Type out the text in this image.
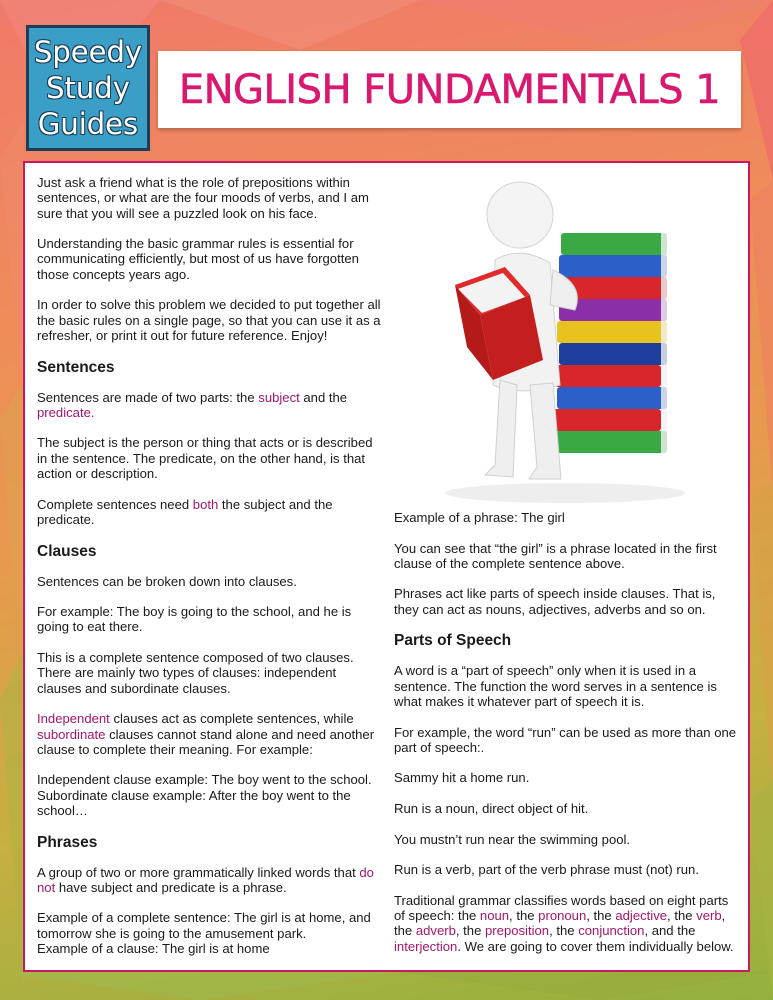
Speedy
Study
Guides
ENGLISH FUNDAMENTALS 1

Just ask a friend what is the role of prepositions within sentences, or what are the four moods of verbs, and I am sure that you will see a puzzled look on his face.

Understanding the basic grammar rules is essential for communicating efficiently, but most of us have forgotten those concepts years ago.

In order to solve this problem we decided to put together all the basic rules on a single page, so that you can use it as a refresher, or print it out for future reference. Enjoy!

Sentences

Sentences are made of two parts: the subject and the predicate.

The subject is the person or thing that acts or is described in the sentence. The predicate, on the other hand, is that action or description.

Complete sentences need both the subject and the predicate.

Clauses

Sentences can be broken down into clauses.

For example: The boy is going to the school, and he is going to eat there.

This is a complete sentence composed of two clauses. There are mainly two types of clauses: independent clauses and subordinate clauses.

Independent clauses act as complete sentences, while subordinate clauses cannot stand alone and need another clause to complete their meaning. For example:

Independent clause example: The boy went to the school.
Subordinate clause example: After the boy went to the school…

Phrases

A group of two or more grammatically linked words that do not have subject and predicate is a phrase.

Example of a complete sentence: The girl is at home, and tomorrow she is going to the amusement park.
Example of a clause: The girl is at home

Example of a phrase: The girl

You can see that “the girl” is a phrase located in the first clause of the complete sentence above.

Phrases act like parts of speech inside clauses. That is, they can act as nouns, adjectives, adverbs and so on.

Parts of Speech

A word is a “part of speech” only when it is used in a sentence. The function the word serves in a sentence is what makes it whatever part of speech it is.

For example, the word “run” can be used as more than one part of speech:.

Sammy hit a home run.

Run is a noun, direct object of hit.

You mustn’t run near the swimming pool.

Run is a verb, part of the verb phrase must (not) run.

Traditional grammar classifies words based on eight parts of speech: the noun, the pronoun, the adjective, the verb, the adverb, the preposition, the conjunction, and the interjection. We are going to cover them individually below.
